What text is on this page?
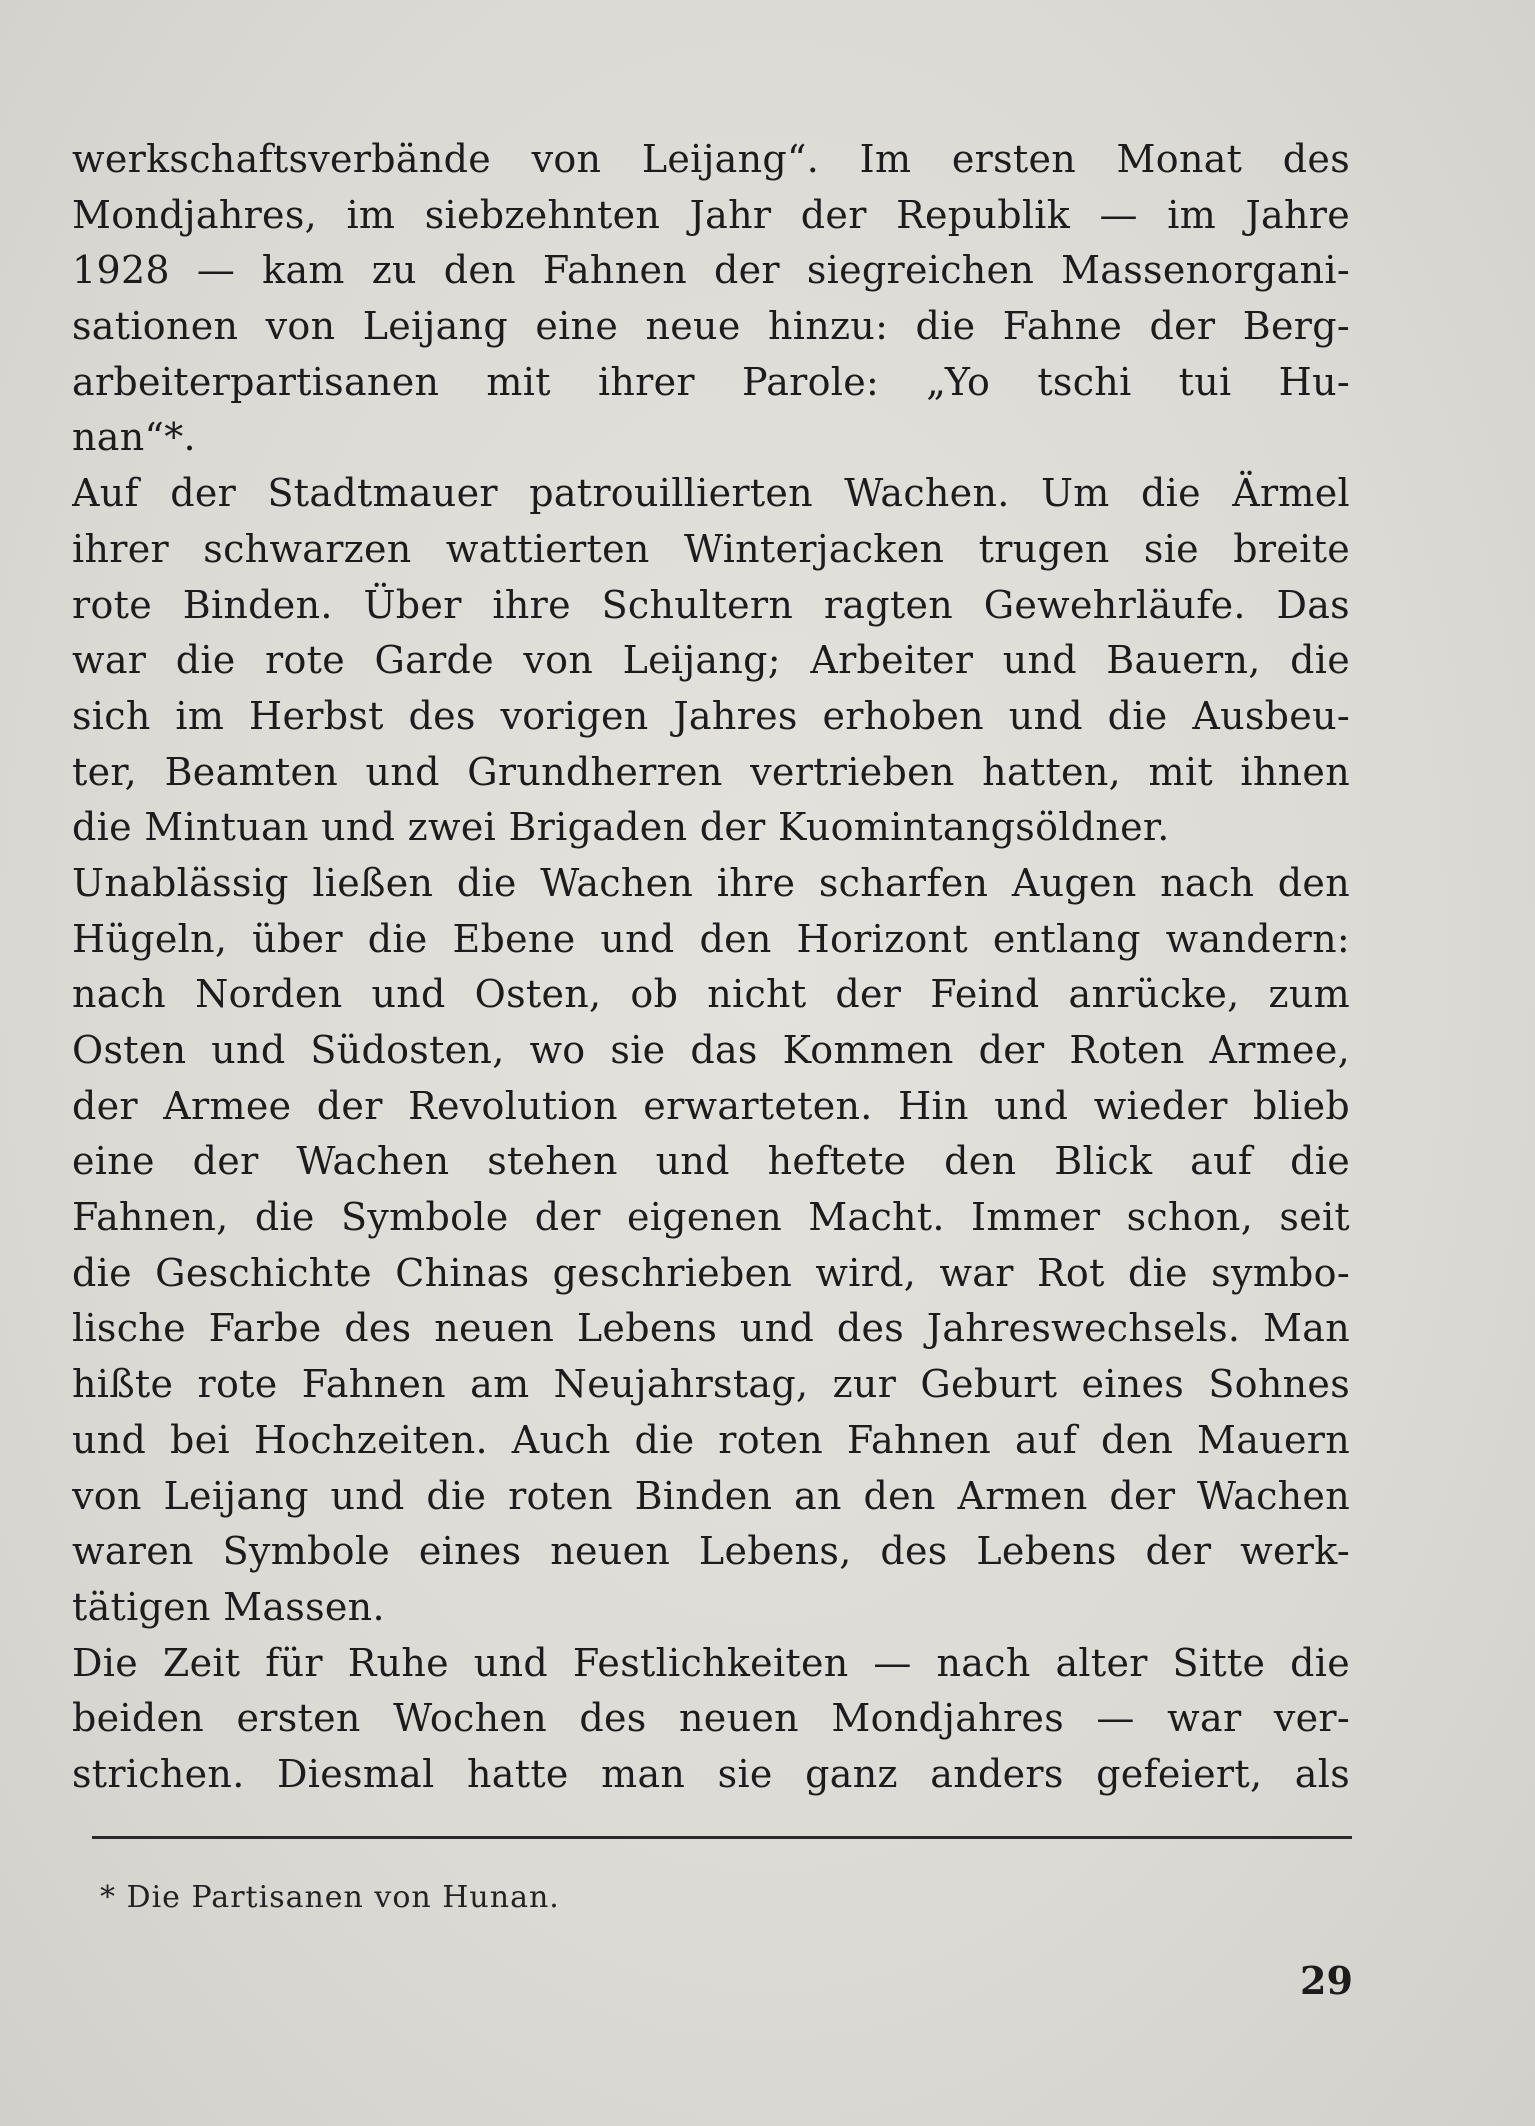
werkschaftsverbände von Leijang“. Im ersten Monat des
Mondjahres, im siebzehnten Jahr der Republik — im Jahre
1928 — kam zu den Fahnen der siegreichen Massenorgani-
sationen von Leijang eine neue hinzu: die Fahne der Berg-
arbeiterpartisanen mit ihrer Parole: „Yo tschi tui Hu-
nan“*.
Auf der Stadtmauer patrouillierten Wachen. Um die Ärmel
ihrer schwarzen wattierten Winterjacken trugen sie breite
rote Binden. Über ihre Schultern ragten Gewehrläufe. Das
war die rote Garde von Leijang; Arbeiter und Bauern, die
sich im Herbst des vorigen Jahres erhoben und die Ausbeu-
ter, Beamten und Grundherren vertrieben hatten, mit ihnen
die Mintuan und zwei Brigaden der Kuomintangsöldner.
Unablässig ließen die Wachen ihre scharfen Augen nach den
Hügeln, über die Ebene und den Horizont entlang wandern:
nach Norden und Osten, ob nicht der Feind anrücke, zum
Osten und Südosten, wo sie das Kommen der Roten Armee,
der Armee der Revolution erwarteten. Hin und wieder blieb
eine der Wachen stehen und heftete den Blick auf die
Fahnen, die Symbole der eigenen Macht. Immer schon, seit
die Geschichte Chinas geschrieben wird, war Rot die symbo-
lische Farbe des neuen Lebens und des Jahreswechsels. Man
hißte rote Fahnen am Neujahrstag, zur Geburt eines Sohnes
und bei Hochzeiten. Auch die roten Fahnen auf den Mauern
von Leijang und die roten Binden an den Armen der Wachen
waren Symbole eines neuen Lebens, des Lebens der werk-
tätigen Massen.
Die Zeit für Ruhe und Festlichkeiten — nach alter Sitte die
beiden ersten Wochen des neuen Mondjahres — war ver-
strichen. Diesmal hatte man sie ganz anders gefeiert, als
* Die Partisanen von Hunan.
29
